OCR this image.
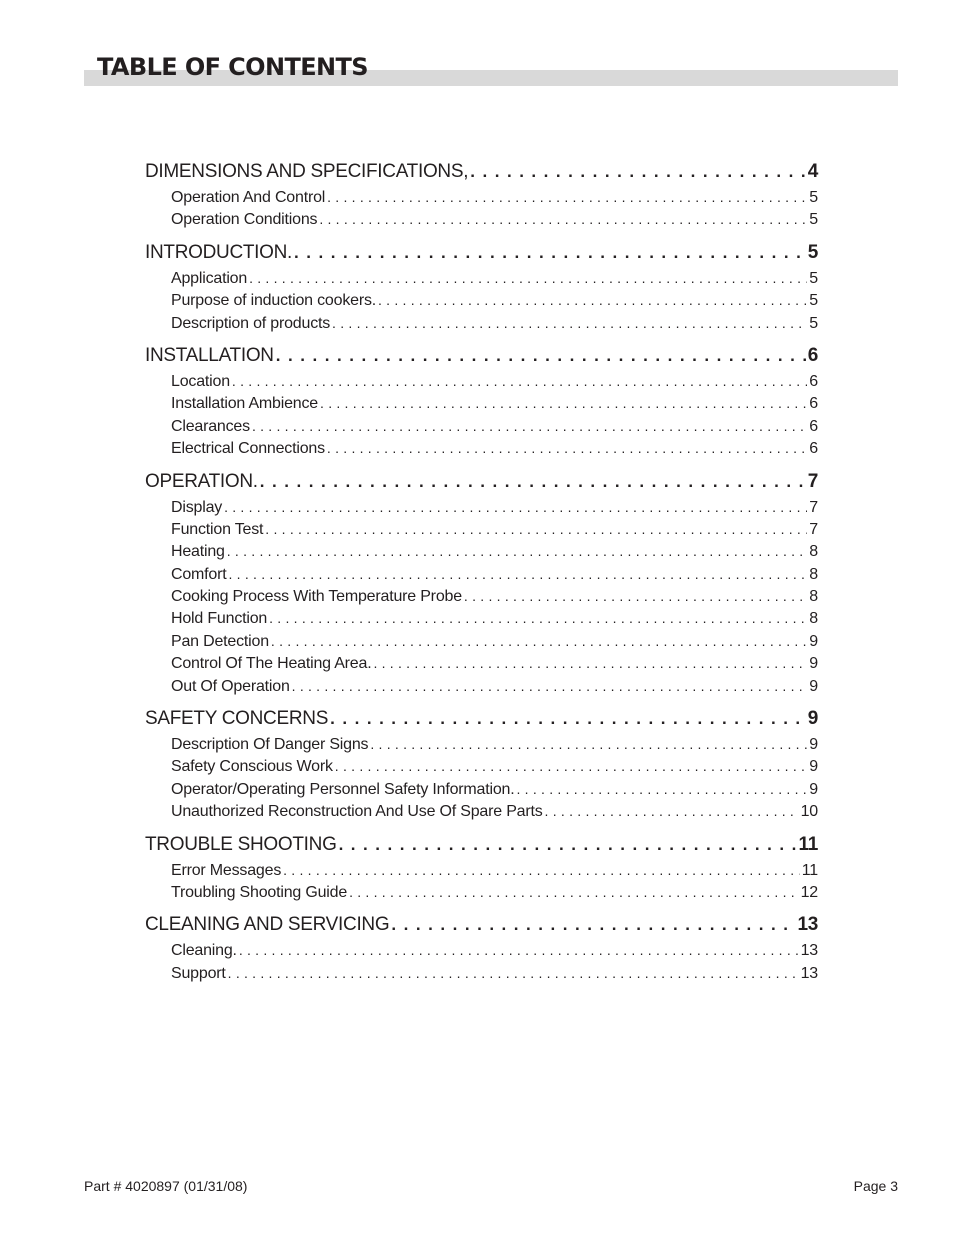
TABLE OF CONTENTS
DIMENSIONS AND SPECIFICATIONS, . . .	4
Operation And Control . . .	5
Operation Conditions . . .	5
INTRODUCTION. . . .	5
Application . . .	5
Purpose of induction cookers. . . .	5
Description of products . . .	5
INSTALLATION . . .	6
Location . . .	6
Installation Ambience . . .	6
Clearances . . .	6
Electrical Connections . . .	6
OPERATION. . . .	7
Display . . .	7
Function Test . . .	7
Heating . . .	8
Comfort . . .	8
Cooking Process With Temperature Probe . . .	8
Hold Function . . .	8
Pan Detection . . .	9
Control Of The Heating Area. . . .	9
Out Of Operation . . .	9
SAFETY CONCERNS . . .	9
Description Of Danger Signs . . .	9
Safety Conscious Work . . .	9
Operator/Operating Personnel Safety Information. . . .	9
Unauthorized Reconstruction And Use Of Spare Parts . . .	10
TROUBLE SHOOTING . . .	11
Error Messages . . .	11
Troubling Shooting Guide . . .	12
CLEANING AND SERVICING . . .	13
Cleaning. . . .	13
Support . . .	13
Part # 4020897 (01/31/08)	Page 3
